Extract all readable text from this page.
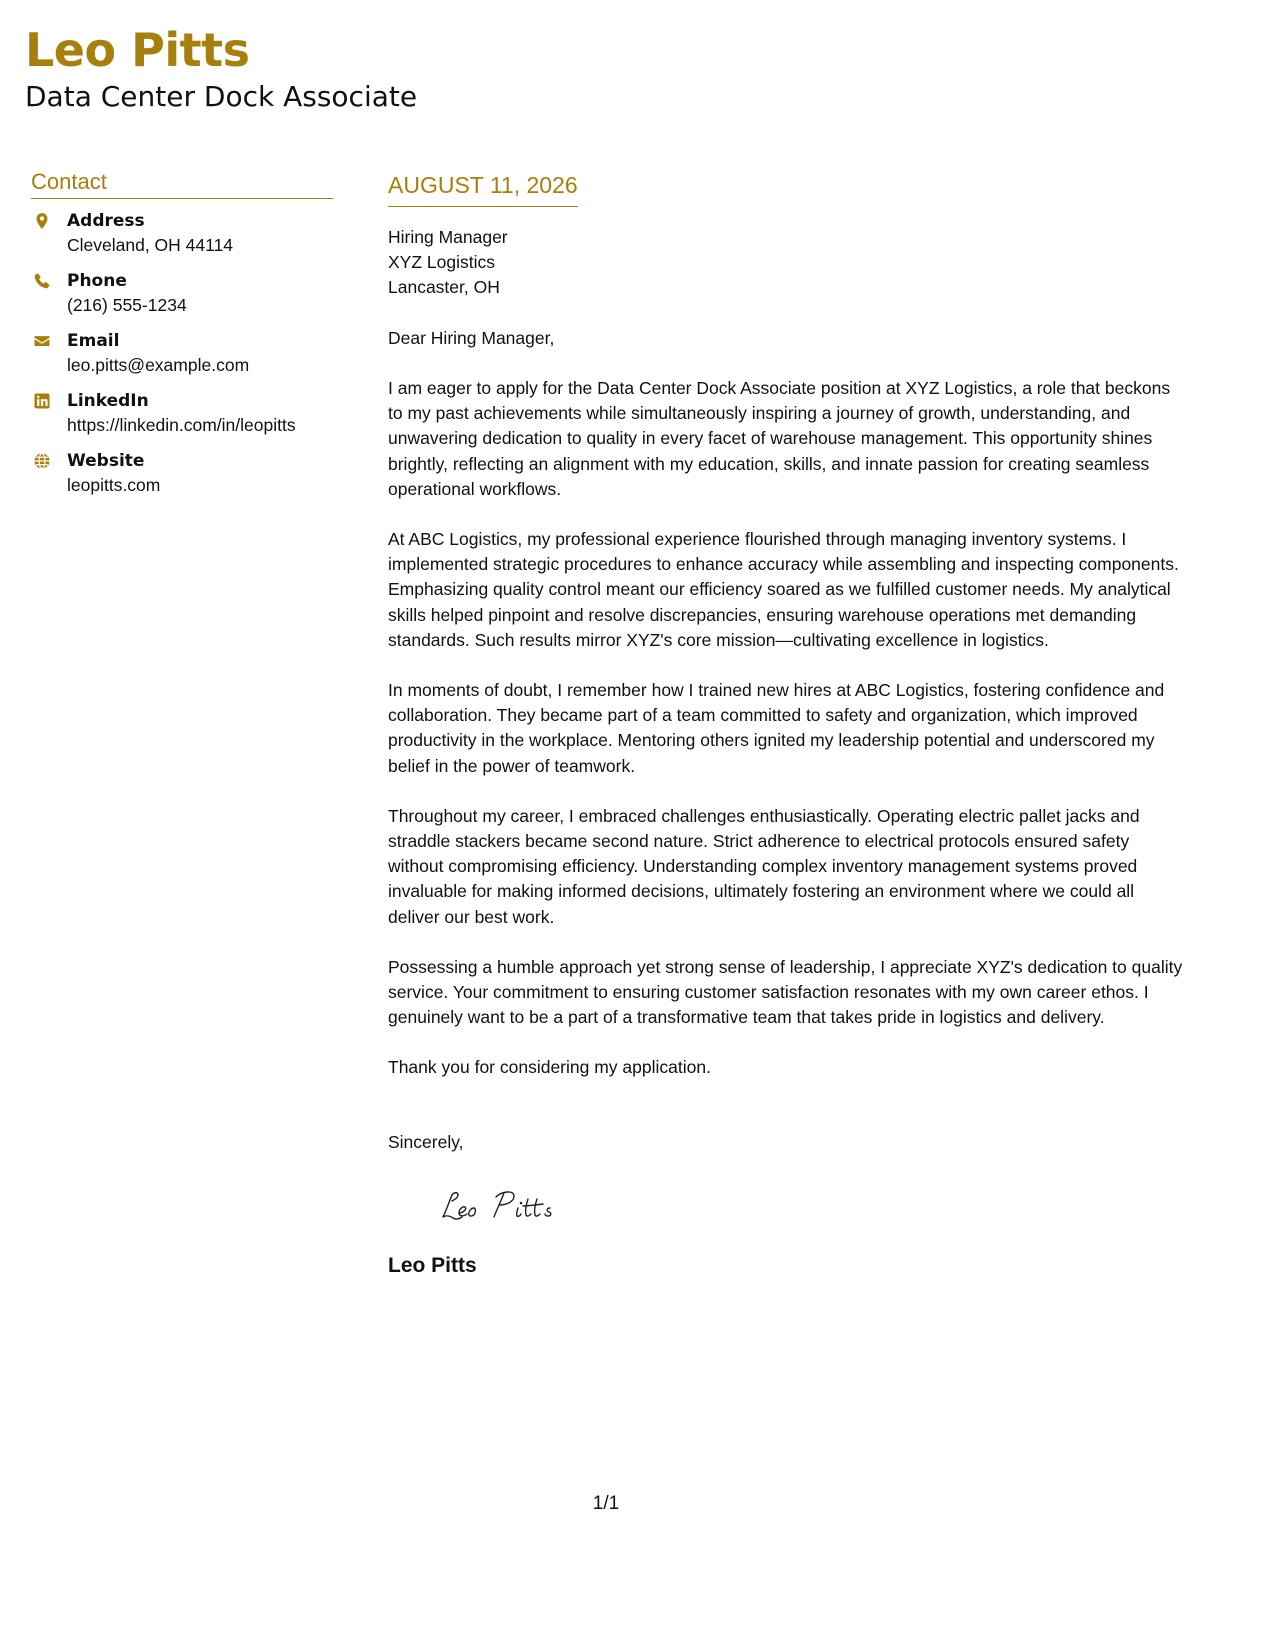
Leo Pitts
Data Center Dock Associate
Contact
Address
Cleveland, OH 44114
Phone
(216) 555-1234
Email
leo.pitts@example.com
LinkedIn
https://linkedin.com/in/leopitts
Website
leopitts.com
AUGUST 11, 2026
Hiring Manager
XYZ Logistics
Lancaster, OH

Dear Hiring Manager,

I am eager to apply for the Data Center Dock Associate position at XYZ Logistics, a role that beckons to my past achievements while simultaneously inspiring a journey of growth, understanding, and unwavering dedication to quality in every facet of warehouse management. This opportunity shines brightly, reflecting an alignment with my education, skills, and innate passion for creating seamless operational workflows.

At ABC Logistics, my professional experience flourished through managing inventory systems. I implemented strategic procedures to enhance accuracy while assembling and inspecting components. Emphasizing quality control meant our efficiency soared as we fulfilled customer needs. My analytical skills helped pinpoint and resolve discrepancies, ensuring warehouse operations met demanding standards. Such results mirror XYZ's core mission—cultivating excellence in logistics.

In moments of doubt, I remember how I trained new hires at ABC Logistics, fostering confidence and collaboration. They became part of a team committed to safety and organization, which improved productivity in the workplace. Mentoring others ignited my leadership potential and underscored my belief in the power of teamwork.

Throughout my career, I embraced challenges enthusiastically. Operating electric pallet jacks and straddle stackers became second nature. Strict adherence to electrical protocols ensured safety without compromising efficiency. Understanding complex inventory management systems proved invaluable for making informed decisions, ultimately fostering an environment where we could all deliver our best work.

Possessing a humble approach yet strong sense of leadership, I appreciate XYZ's dedication to quality service. Your commitment to ensuring customer satisfaction resonates with my own career ethos. I genuinely want to be a part of a transformative team that takes pride in logistics and delivery.

Thank you for considering my application.

Sincerely,

Leo Pitts
1/1
